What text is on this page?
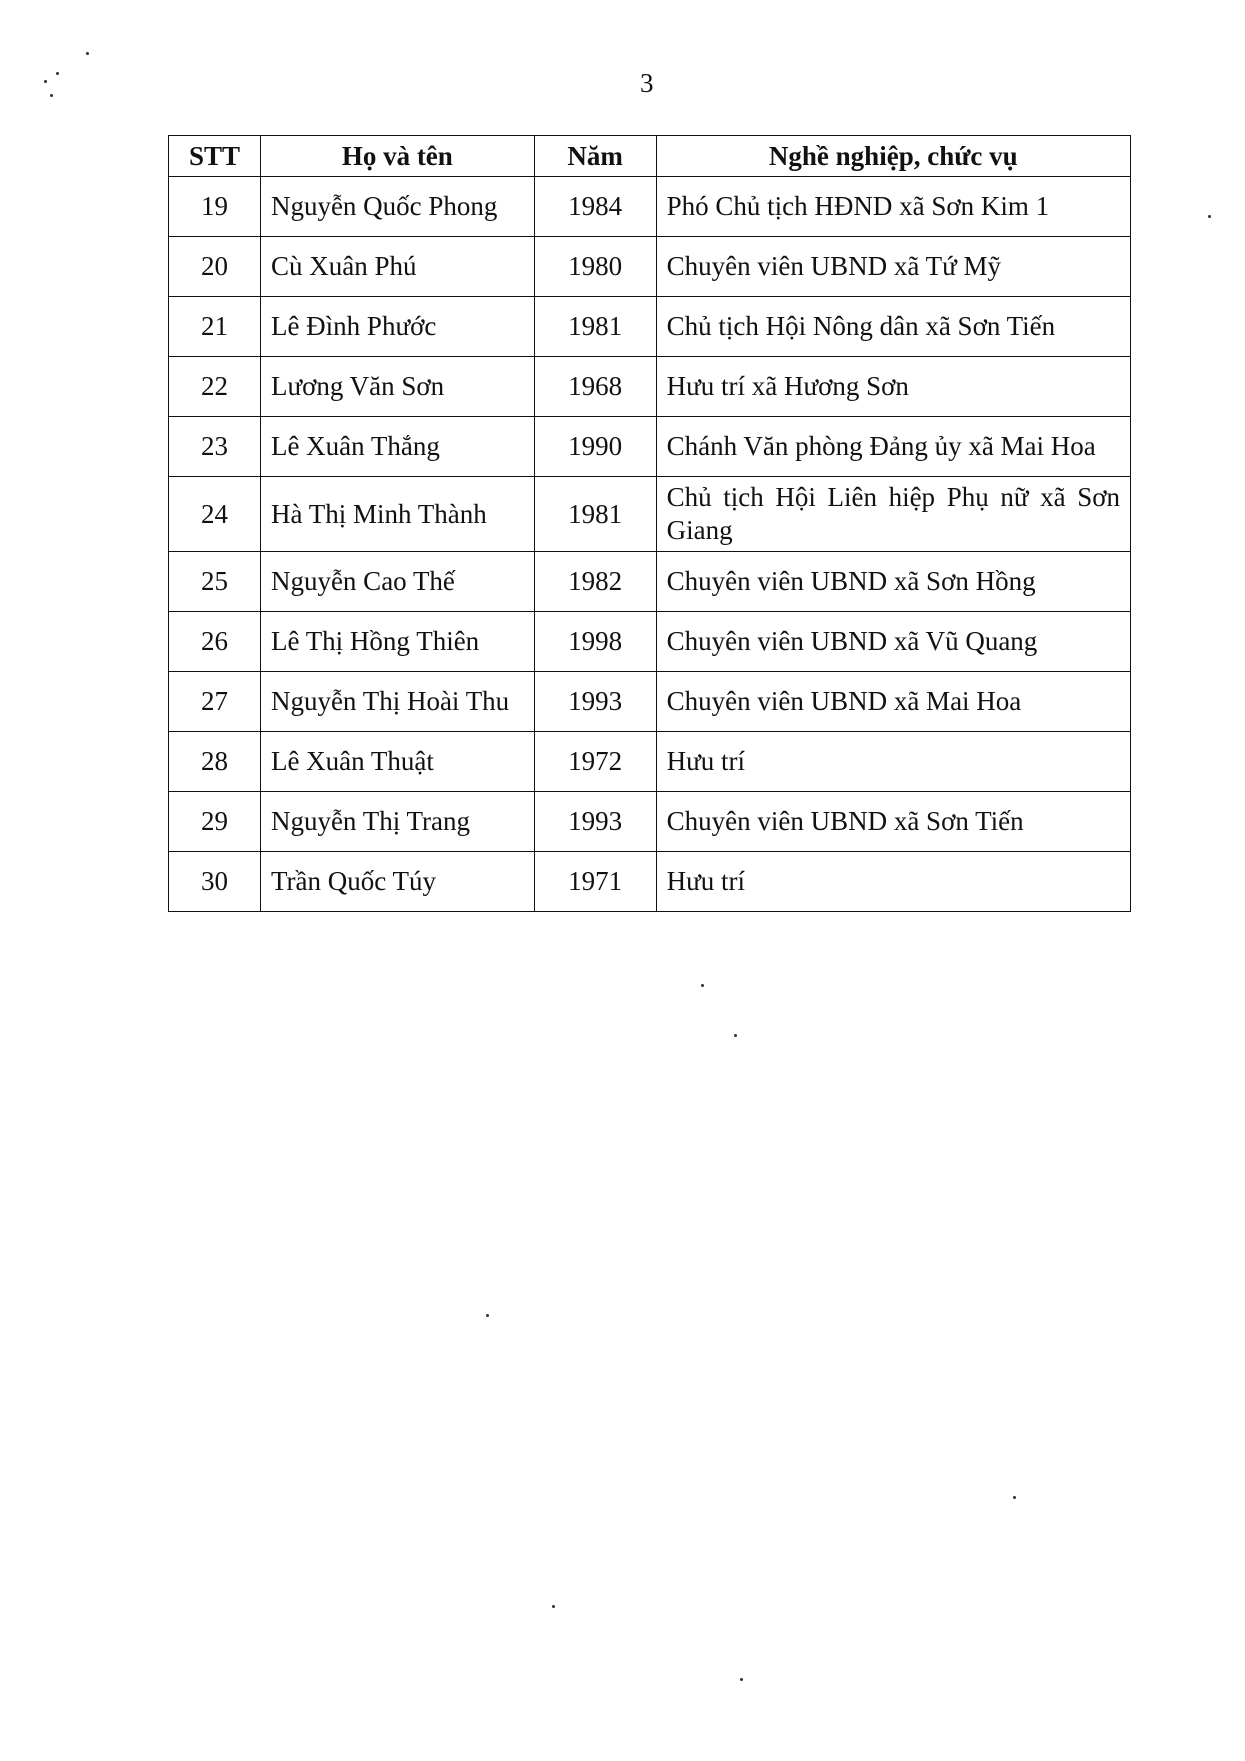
3
STT	Họ và tên	Năm	Nghề nghiệp, chức vụ
19	Nguyễn Quốc Phong	1984	Phó Chủ tịch HĐND xã Sơn Kim 1
20	Cù Xuân Phú	1980	Chuyên viên UBND xã Tứ Mỹ
21	Lê Đình Phước	1981	Chủ tịch Hội Nông dân xã Sơn Tiến
22	Lương Văn Sơn	1968	Hưu trí xã Hương Sơn
23	Lê Xuân Thắng	1990	Chánh Văn phòng Đảng ủy xã Mai Hoa
24	Hà Thị Minh Thành	1981	Chủ tịch Hội Liên hiệp Phụ nữ xã Sơn Giang
25	Nguyễn Cao Thế	1982	Chuyên viên UBND xã Sơn Hồng
26	Lê Thị Hồng Thiên	1998	Chuyên viên UBND xã Vũ Quang
27	Nguyễn Thị Hoài Thu	1993	Chuyên viên UBND xã Mai Hoa
28	Lê Xuân Thuật	1972	Hưu trí
29	Nguyễn Thị Trang	1993	Chuyên viên UBND xã Sơn Tiến
30	Trần Quốc Túy	1971	Hưu trí
